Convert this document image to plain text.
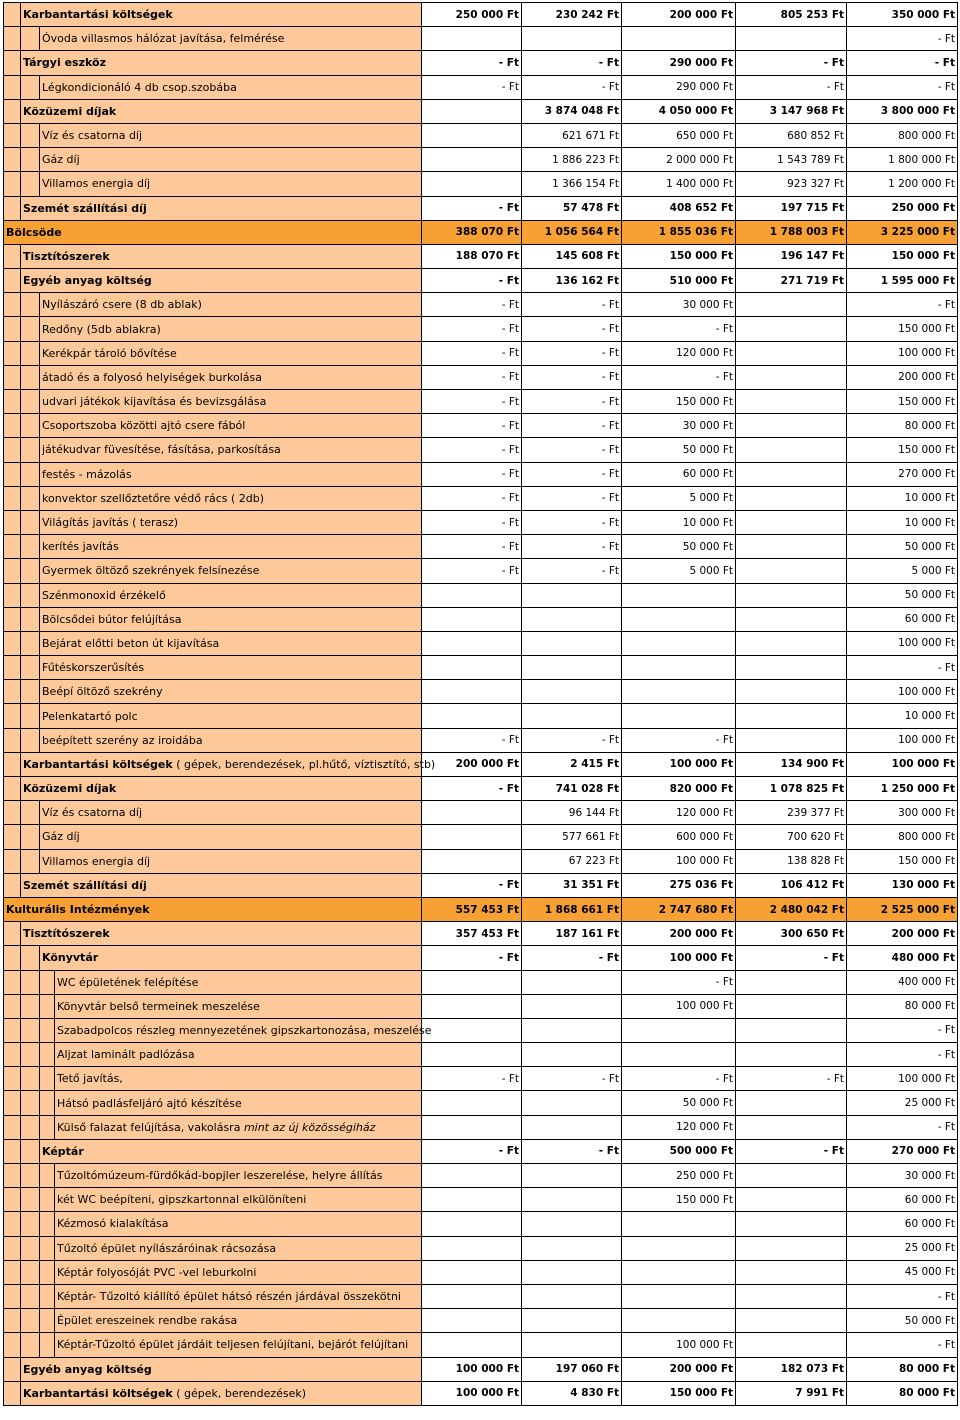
	Karbantartási költségek			250 000 Ft	230 242 Ft	200 000 Ft	805 253 Ft	350 000 Ft
		Óvoda villasmos hálózat javítása, felmérése						- Ft
	Tárgyi eszköz			- Ft	- Ft	290 000 Ft	- Ft	- Ft
		Légkondicionáló 4 db csop.szobába		- Ft	- Ft	290 000 Ft	- Ft	- Ft
	Közüzemi díjak				3 874 048 Ft	4 050 000 Ft	3 147 968 Ft	3 800 000 Ft
		Víz és csatorna díj			621 671 Ft	650 000 Ft	680 852 Ft	800 000 Ft
		Gáz díj			1 886 223 Ft	2 000 000 Ft	1 543 789 Ft	1 800 000 Ft
		Villamos energia díj			1 366 154 Ft	1 400 000 Ft	923 327 Ft	1 200 000 Ft
	Szemét szállítási díj			- Ft	57 478 Ft	408 652 Ft	197 715 Ft	250 000 Ft
Bölcsöde				388 070 Ft	1 056 564 Ft	1 855 036 Ft	1 788 003 Ft	3 225 000 Ft
	Tisztítószerek			188 070 Ft	145 608 Ft	150 000 Ft	196 147 Ft	150 000 Ft
	Egyéb anyag költség			- Ft	136 162 Ft	510 000 Ft	271 719 Ft	1 595 000 Ft
		Nyílászáró csere (8 db ablak)		- Ft	- Ft	30 000 Ft		- Ft
		Redőny (5db ablakra)		- Ft	- Ft	- Ft		150 000 Ft
		Kerékpár tároló bővítése		- Ft	- Ft	120 000 Ft		100 000 Ft
		átadó és a folyosó helyiségek burkolása		- Ft	- Ft	- Ft		200 000 Ft
		udvari játékok kijavítása és bevizsgálása		- Ft	- Ft	150 000 Ft		150 000 Ft
		Csoportszoba közötti ajtó csere fából		- Ft	- Ft	30 000 Ft		80 000 Ft
		játékudvar füvesítése, fásítása, parkosítása		- Ft	- Ft	50 000 Ft		150 000 Ft
		festés - mázolás		- Ft	- Ft	60 000 Ft		270 000 Ft
		konvektor szellőztetőre védő rács ( 2db)		- Ft	- Ft	5 000 Ft		10 000 Ft
		Világítás javítás ( terasz)		- Ft	- Ft	10 000 Ft		10 000 Ft
		kerítés javítás		- Ft	- Ft	50 000 Ft		50 000 Ft
		Gyermek öltöző szekrények felsínezése		- Ft	- Ft	5 000 Ft		5 000 Ft
		Szénmonoxid érzékelő						50 000 Ft
		Bölcsődei bútor felújítása						60 000 Ft
		Bejárat előtti beton út kijavítása						100 000 Ft
		Fűtéskorszerűsítés						- Ft
		Beépí öltöző szekrény						100 000 Ft
		Pelenkatartó polc						10 000 Ft
		beépített szerény az iroidába		- Ft	- Ft	- Ft		100 000 Ft
	Karbantartási költségek ( gépek, berendezések, pl.hűtő, víztisztító, stb)			200 000 Ft	2 415 Ft	100 000 Ft	134 900 Ft	100 000 Ft
	Közüzemi díjak			- Ft	741 028 Ft	820 000 Ft	1 078 825 Ft	1 250 000 Ft
		Víz és csatorna díj			96 144 Ft	120 000 Ft	239 377 Ft	300 000 Ft
		Gáz díj			577 661 Ft	600 000 Ft	700 620 Ft	800 000 Ft
		Villamos energia díj			67 223 Ft	100 000 Ft	138 828 Ft	150 000 Ft
	Szemét szállítási díj			- Ft	31 351 Ft	275 036 Ft	106 412 Ft	130 000 Ft
Kulturális Intézmények				557 453 Ft	1 868 661 Ft	2 747 680 Ft	2 480 042 Ft	2 525 000 Ft
	Tisztítószerek			357 453 Ft	187 161 Ft	200 000 Ft	300 650 Ft	200 000 Ft
		Könyvtár		- Ft	- Ft	100 000 Ft	- Ft	480 000 Ft
			WC épületének felépítése			- Ft		400 000 Ft
			Könyvtár belső termeinek meszelése			100 000 Ft		80 000 Ft
			Szabadpolcos részleg mennyezetének gipszkartonozása, meszelése					- Ft
			Aljzat laminált padlózása					- Ft
			Tető javítás,	- Ft	- Ft	- Ft	- Ft	100 000 Ft
			Hátsó padlásfeljáró ajtó készítése			50 000 Ft		25 000 Ft
			Külső falazat felújítása, vakolásra mint az új közösségiház			120 000 Ft		- Ft
		Képtár		- Ft	- Ft	500 000 Ft	- Ft	270 000 Ft
			Tűzoltómúzeum-fürdőkád-bopjler leszerelése, helyre állítás			250 000 Ft		30 000 Ft
			két WC beépíteni, gipszkartonnal elkülöníteni			150 000 Ft		60 000 Ft
			Kézmosó kialakítása					60 000 Ft
			Tűzoltó épület nyílászáróinak rácsozása					25 000 Ft
			Képtár folyosóját PVC -vel leburkolni					45 000 Ft
			Képtár- Tűzoltó kiállító épület hátsó részén járdával összekötni					- Ft
			Épület ereszeinek rendbe rakása					50 000 Ft
			Képtár-Tűzoltó épület járdáit teljesen felújítani, bejárót felújítani			100 000 Ft		- Ft
	Egyéb anyag költség			100 000 Ft	197 060 Ft	200 000 Ft	182 073 Ft	80 000 Ft
	Karbantartási költségek ( gépek, berendezések)			100 000 Ft	4 830 Ft	150 000 Ft	7 991 Ft	80 000 Ft
